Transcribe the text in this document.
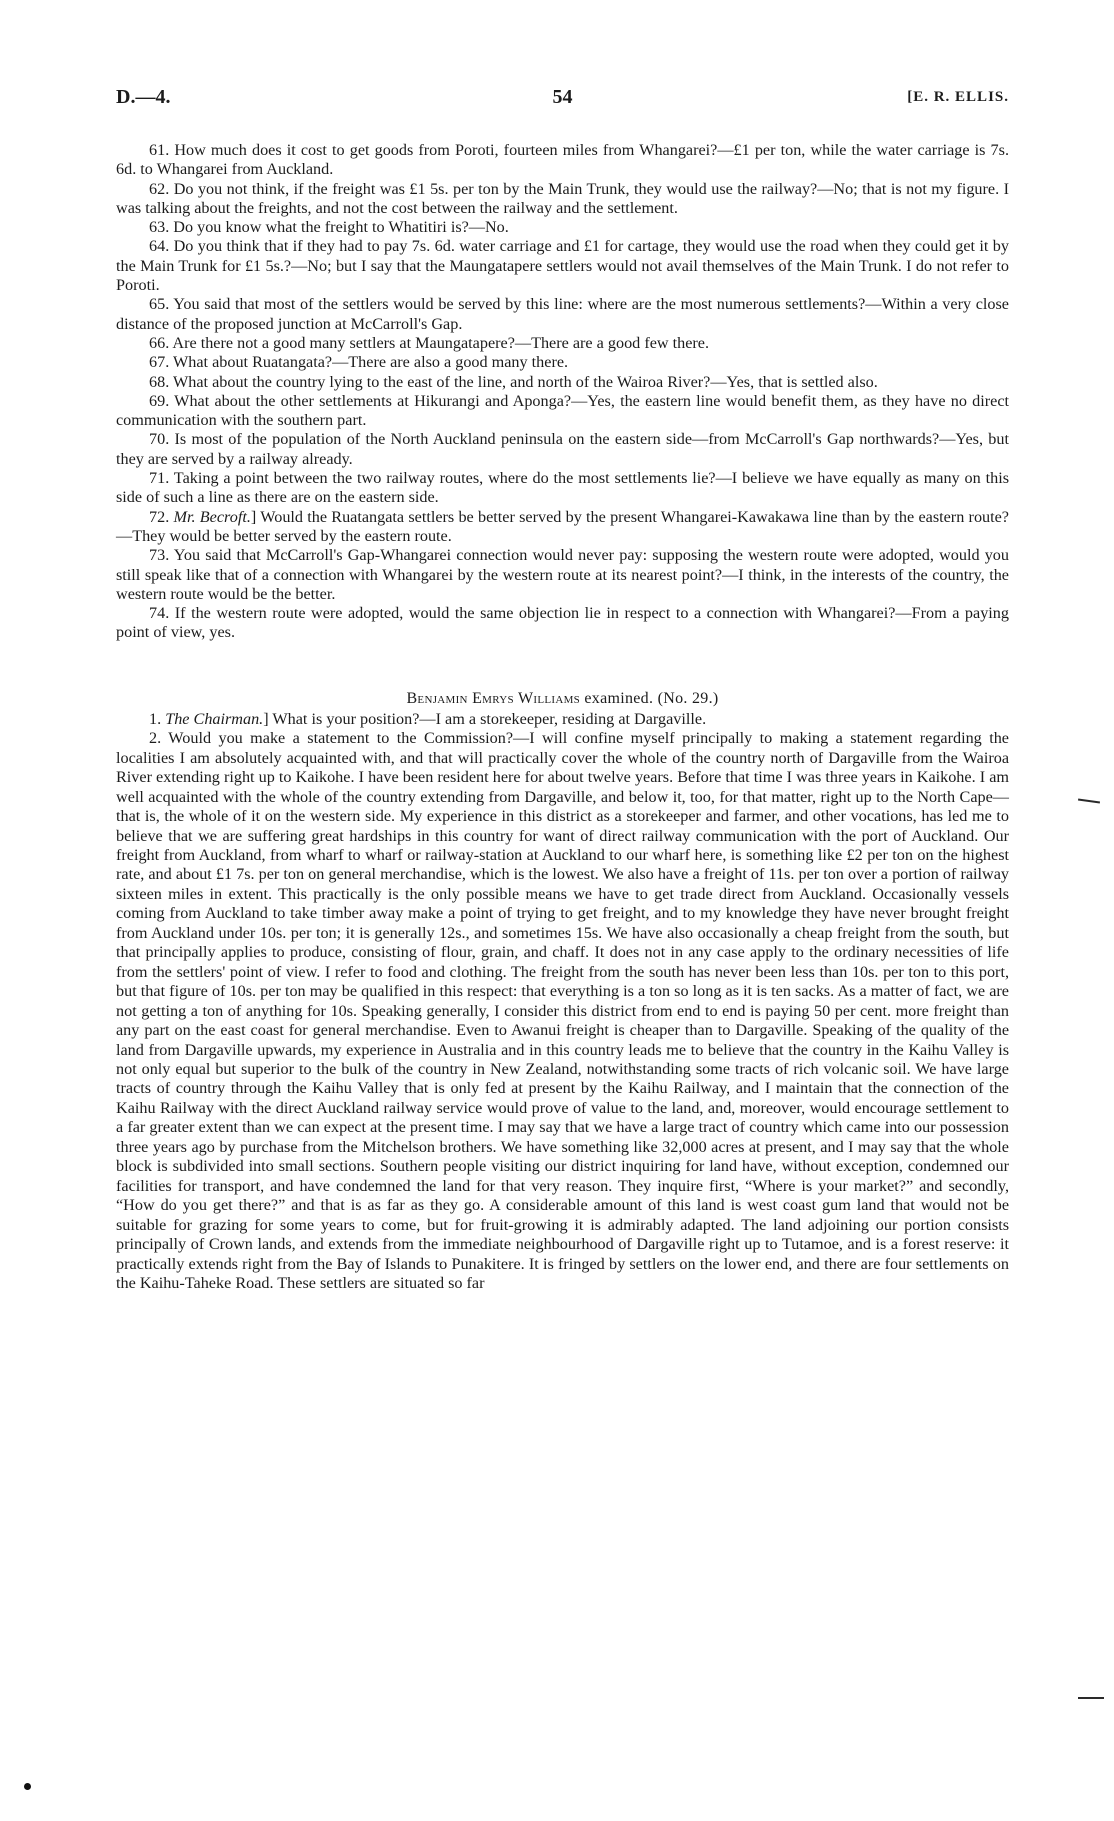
D.—4.	54	[E. R. ELLIS.

61. How much does it cost to get goods from Poroti, fourteen miles from Whangarei?—£1 per ton, while the water carriage is 7s. 6d. to Whangarei from Auckland.

62. Do you not think, if the freight was £1 5s. per ton by the Main Trunk, they would use the railway?—No; that is not my figure. I was talking about the freights, and not the cost between the railway and the settlement.

63. Do you know what the freight to Whatitiri is?—No.

64. Do you think that if they had to pay 7s. 6d. water carriage and £1 for cartage, they would use the road when they could get it by the Main Trunk for £1 5s.?—No; but I say that the Maungatapere settlers would not avail themselves of the Main Trunk. I do not refer to Poroti.

65. You said that most of the settlers would be served by this line: where are the most numerous settlements?—Within a very close distance of the proposed junction at McCarroll's Gap.

66. Are there not a good many settlers at Maungatapere?—There are a good few there.

67. What about Ruatangata?—There are also a good many there.

68. What about the country lying to the east of the line, and north of the Wairoa River?—Yes, that is settled also.

69. What about the other settlements at Hikurangi and Aponga?—Yes, the eastern line would benefit them, as they have no direct communication with the southern part.

70. Is most of the population of the North Auckland peninsula on the eastern side—from McCarroll's Gap northwards?—Yes, but they are served by a railway already.

71. Taking a point between the two railway routes, where do the most settlements lie?—I believe we have equally as many on this side of such a line as there are on the eastern side.

72. Mr. Becroft.] Would the Ruatangata settlers be better served by the present Whangarei-Kawakawa line than by the eastern route?—They would be better served by the eastern route.

73. You said that McCarroll's Gap-Whangarei connection would never pay: supposing the western route were adopted, would you still speak like that of a connection with Whangarei by the western route at its nearest point?—I think, in the interests of the country, the western route would be the better.

74. If the western route were adopted, would the same objection lie in respect to a connection with Whangarei?—From a paying point of view, yes.

Benjamin Emrys Williams examined. (No. 29.)

1. The Chairman.] What is your position?—I am a storekeeper, residing at Dargaville.

2. Would you make a statement to the Commission?—I will confine myself principally to making a statement regarding the localities I am absolutely acquainted with, and that will practically cover the whole of the country north of Dargaville from the Wairoa River extending right up to Kaikohe. I have been resident here for about twelve years. Before that time I was three years in Kaikohe. I am well acquainted with the whole of the country extending from Dargaville, and below it, too, for that matter, right up to the North Cape—that is, the whole of it on the western side. My experience in this district as a storekeeper and farmer, and other vocations, has led me to believe that we are suffering great hardships in this country for want of direct railway communication with the port of Auckland. Our freight from Auckland, from wharf to wharf or railway-station at Auckland to our wharf here, is something like £2 per ton on the highest rate, and about £1 7s. per ton on general merchandise, which is the lowest. We also have a freight of 11s. per ton over a portion of railway sixteen miles in extent. This practically is the only possible means we have to get trade direct from Auckland. Occasionally vessels coming from Auckland to take timber away make a point of trying to get freight, and to my knowledge they have never brought freight from Auckland under 10s. per ton; it is generally 12s., and sometimes 15s. We have also occasionally a cheap freight from the south, but that principally applies to produce, consisting of flour, grain, and chaff. It does not in any case apply to the ordinary necessities of life from the settlers' point of view. I refer to food and clothing. The freight from the south has never been less than 10s. per ton to this port, but that figure of 10s. per ton may be qualified in this respect: that everything is a ton so long as it is ten sacks. As a matter of fact, we are not getting a ton of anything for 10s. Speaking generally, I consider this district from end to end is paying 50 per cent. more freight than any part on the east coast for general merchandise. Even to Awanui freight is cheaper than to Dargaville. Speaking of the quality of the land from Dargaville upwards, my experience in Australia and in this country leads me to believe that the country in the Kaihu Valley is not only equal but superior to the bulk of the country in New Zealand, notwithstanding some tracts of rich volcanic soil. We have large tracts of country through the Kaihu Valley that is only fed at present by the Kaihu Railway, and I maintain that the connection of the Kaihu Railway with the direct Auckland railway service would prove of value to the land, and, moreover, would encourage settlement to a far greater extent than we can expect at the present time. I may say that we have a large tract of country which came into our possession three years ago by purchase from the Mitchelson brothers. We have something like 32,000 acres at present, and I may say that the whole block is subdivided into small sections. Southern people visiting our district inquiring for land have, without exception, condemned our facilities for transport, and have condemned the land for that very reason. They inquire first, “Where is your market?” and secondly, “How do you get there?” and that is as far as they go. A considerable amount of this land is west coast gum land that would not be suitable for grazing for some years to come, but for fruit-growing it is admirably adapted. The land adjoining our portion consists principally of Crown lands, and extends from the immediate neighbourhood of Dargaville right up to Tutamoe, and is a forest reserve: it practically extends right from the Bay of Islands to Punakitere. It is fringed by settlers on the lower end, and there are four settlements on the Kaihu-Taheke Road. These settlers are situated so far
